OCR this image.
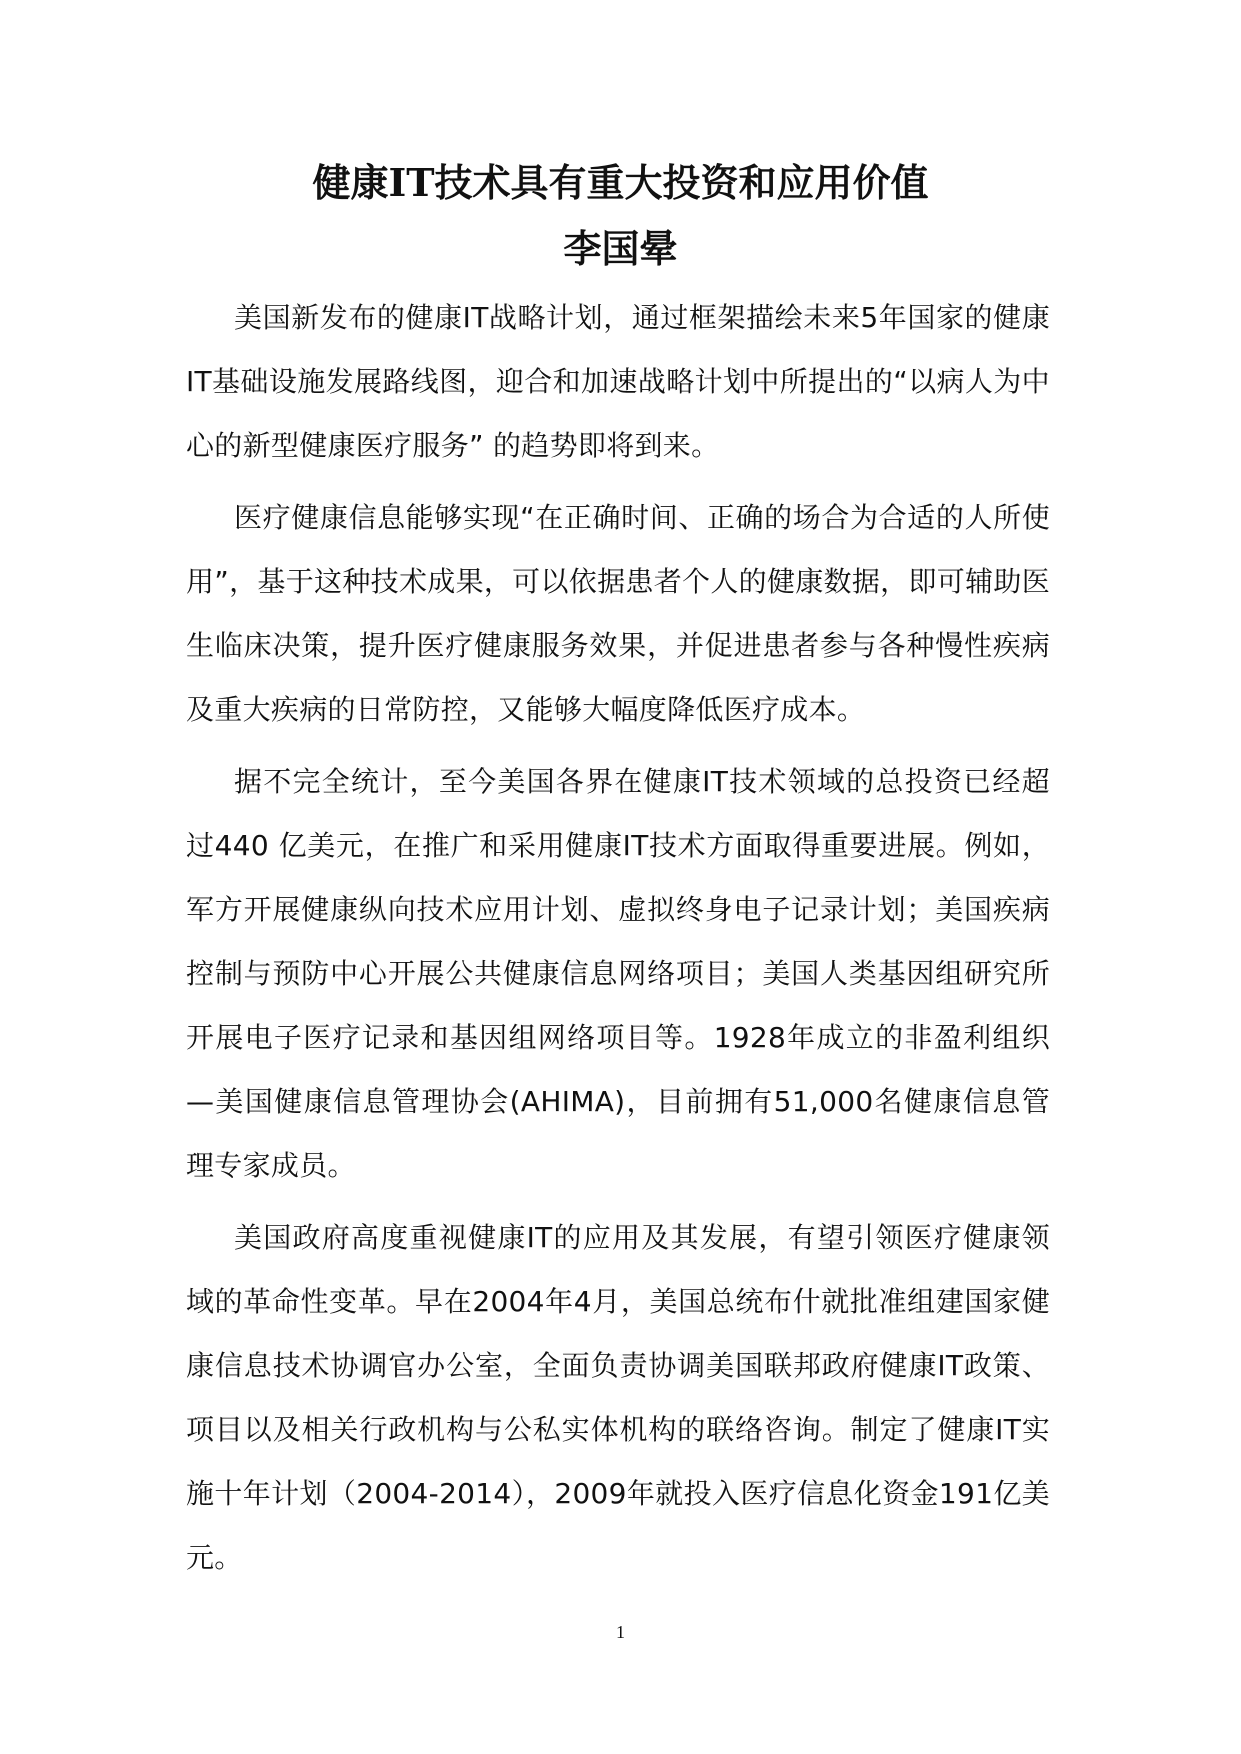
健康IT技术具有重大投资和应用价值
李国晕

美国新发布的健康IT战略计划，通过框架描绘未来5年国家的健康IT基础设施发展路线图，迎合和加速战略计划中所提出的“以病人为中心的新型健康医疗服务” 的趋势即将到来。

医疗健康信息能够实现“在正确时间、正确的场合为合适的人所使用”，基于这种技术成果，可以依据患者个人的健康数据，即可辅助医生临床决策，提升医疗健康服务效果，并促进患者参与各种慢性疾病及重大疾病的日常防控，又能够大幅度降低医疗成本。

据不完全统计，至今美国各界在健康IT技术领域的总投资已经超过440 亿美元，在推广和采用健康IT技术方面取得重要进展。例如，军方开展健康纵向技术应用计划、虚拟终身电子记录计划；美国疾病控制与预防中心开展公共健康信息网络项目；美国人类基因组研究所开展电子医疗记录和基因组网络项目等。1928年成立的非盈利组织—美国健康信息管理协会(AHIMA)，目前拥有51,000名健康信息管理专家成员。

美国政府高度重视健康IT的应用及其发展，有望引领医疗健康领域的革命性变革。早在2004年4月，美国总统布什就批准组建国家健康信息技术协调官办公室，全面负责协调美国联邦政府健康IT政策、项目以及相关行政机构与公私实体机构的联络咨询。制定了健康IT实施十年计划（2004-2014），2009年就投入医疗信息化资金191亿美元。

1
